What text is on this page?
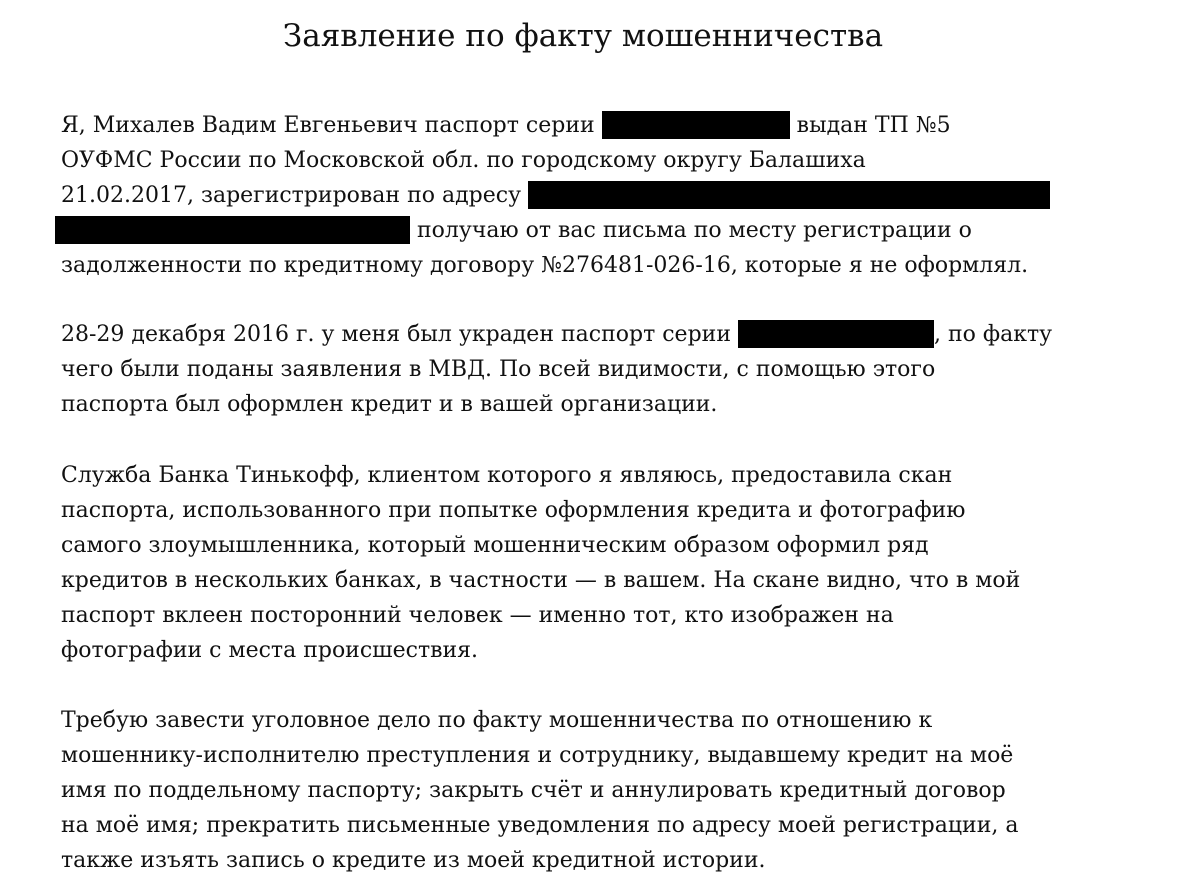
Заявление по факту мошенничества
Я, Михалев Вадим Евгеньевич паспорт серии	выдан ТП №5
ОУФМС России по Московской обл. по городскому округу Балашиха
21.02.2017, зарегистрирован по адресу
получаю от вас письма по месту регистрации о
задолженности по кредитному договору №276481-026-16, которые я не оформлял.
28-29 декабря 2016 г. у меня был украден паспорт серии	, по факту
чего были поданы заявления в МВД. По всей видимости, с помощью этого
паспорта был оформлен кредит и в вашей организации.
Служба Банка Тинькофф, клиентом которого я являюсь, предоставила скан
паспорта, использованного при попытке оформления кредита и фотографию
самого злоумышленника, который мошенническим образом оформил ряд
кредитов в нескольких банках, в частности — в вашем. На скане видно, что в мой
паспорт вклеен посторонний человек — именно тот, кто изображен на
фотографии с места происшествия.
Требую завести уголовное дело по факту мошенничества по отношению к
мошеннику-исполнителю преступления и сотруднику, выдавшему кредит на моё
имя по поддельному паспорту; закрыть счёт и аннулировать кредитный договор
на моё имя; прекратить письменные уведомления по адресу моей регистрации, а
также изъять запись о кредите из моей кредитной истории.
